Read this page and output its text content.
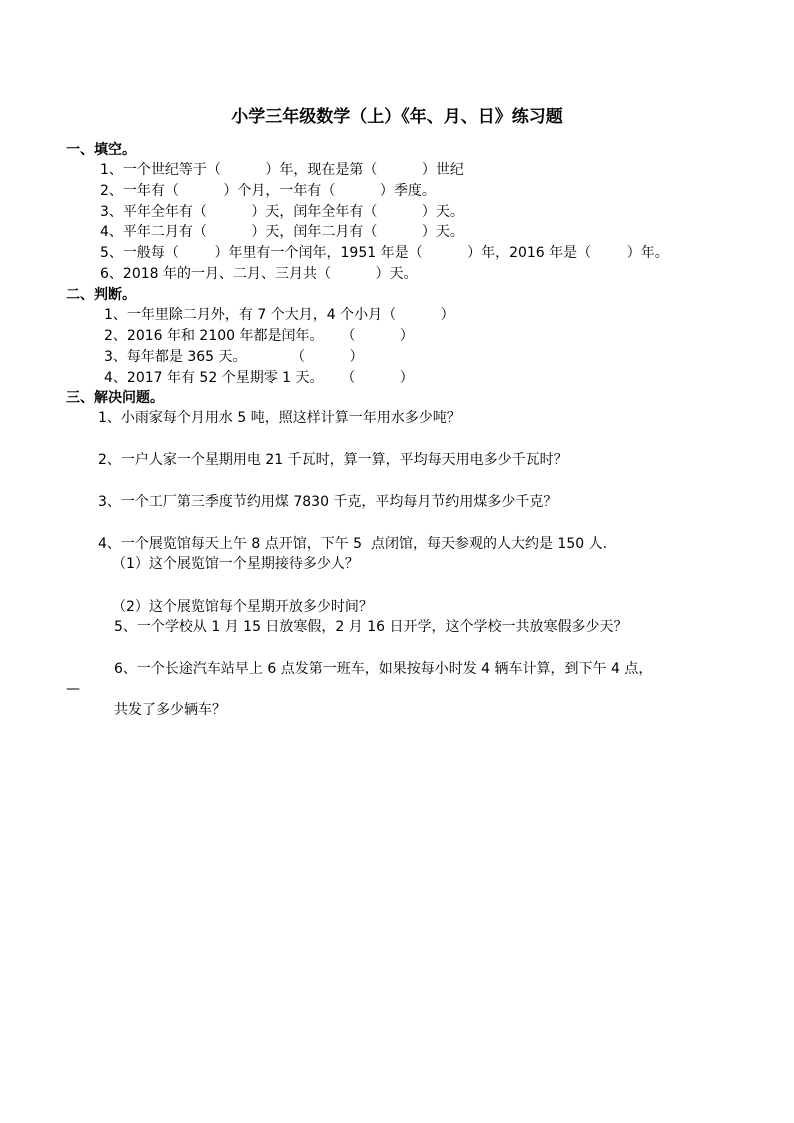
小学三年级数学（上）《年、月、日》练习题
一、填空。
1、一个世纪等于（          ）年，现在是第（          ）世纪
2、一年有（          ）个月，一年有（          ）季度。
3、平年全年有（          ）天，闰年全年有（          ）天。
4、平年二月有（          ）天，闰年二月有（          ）天。
5、一般每（        ）年里有一个闰年，1951 年是（          ）年，2016 年是（        ）年。
6、2018 年的一月、二月、三月共（          ）天。
二、判断。
1、一年里除二月外，有 7 个大月，4 个小月（          ）
2、2016 年和 2100 年都是闰年。    （          ）
3、每年都是 365 天。          （          ）
4、2017 年有 52 个星期零 1 天。    （          ）
三、解决问题。
1、小雨家每个月用水 5 吨，照这样计算一年用水多少吨？
2、一户人家一个星期用电 21 千瓦时，算一算，平均每天用电多少千瓦时？
3、一个工厂第三季度节约用煤 7830 千克，平均每月节约用煤多少千克？
4、一个展览馆每天上午 8 点开馆，下午 5  点闭馆，每天参观的人大约是 150 人.
（1）这个展览馆一个星期接待多少人？
（2）这个展览馆每个星期开放多少时间？
5、一个学校从 1 月 15 日放寒假，2 月 16 日开学，这个学校一共放寒假多少天？
6、一个长途汽车站早上 6 点发第一班车，如果按每小时发 4 辆车计算，到下午 4 点，
—
共发了多少辆车？
